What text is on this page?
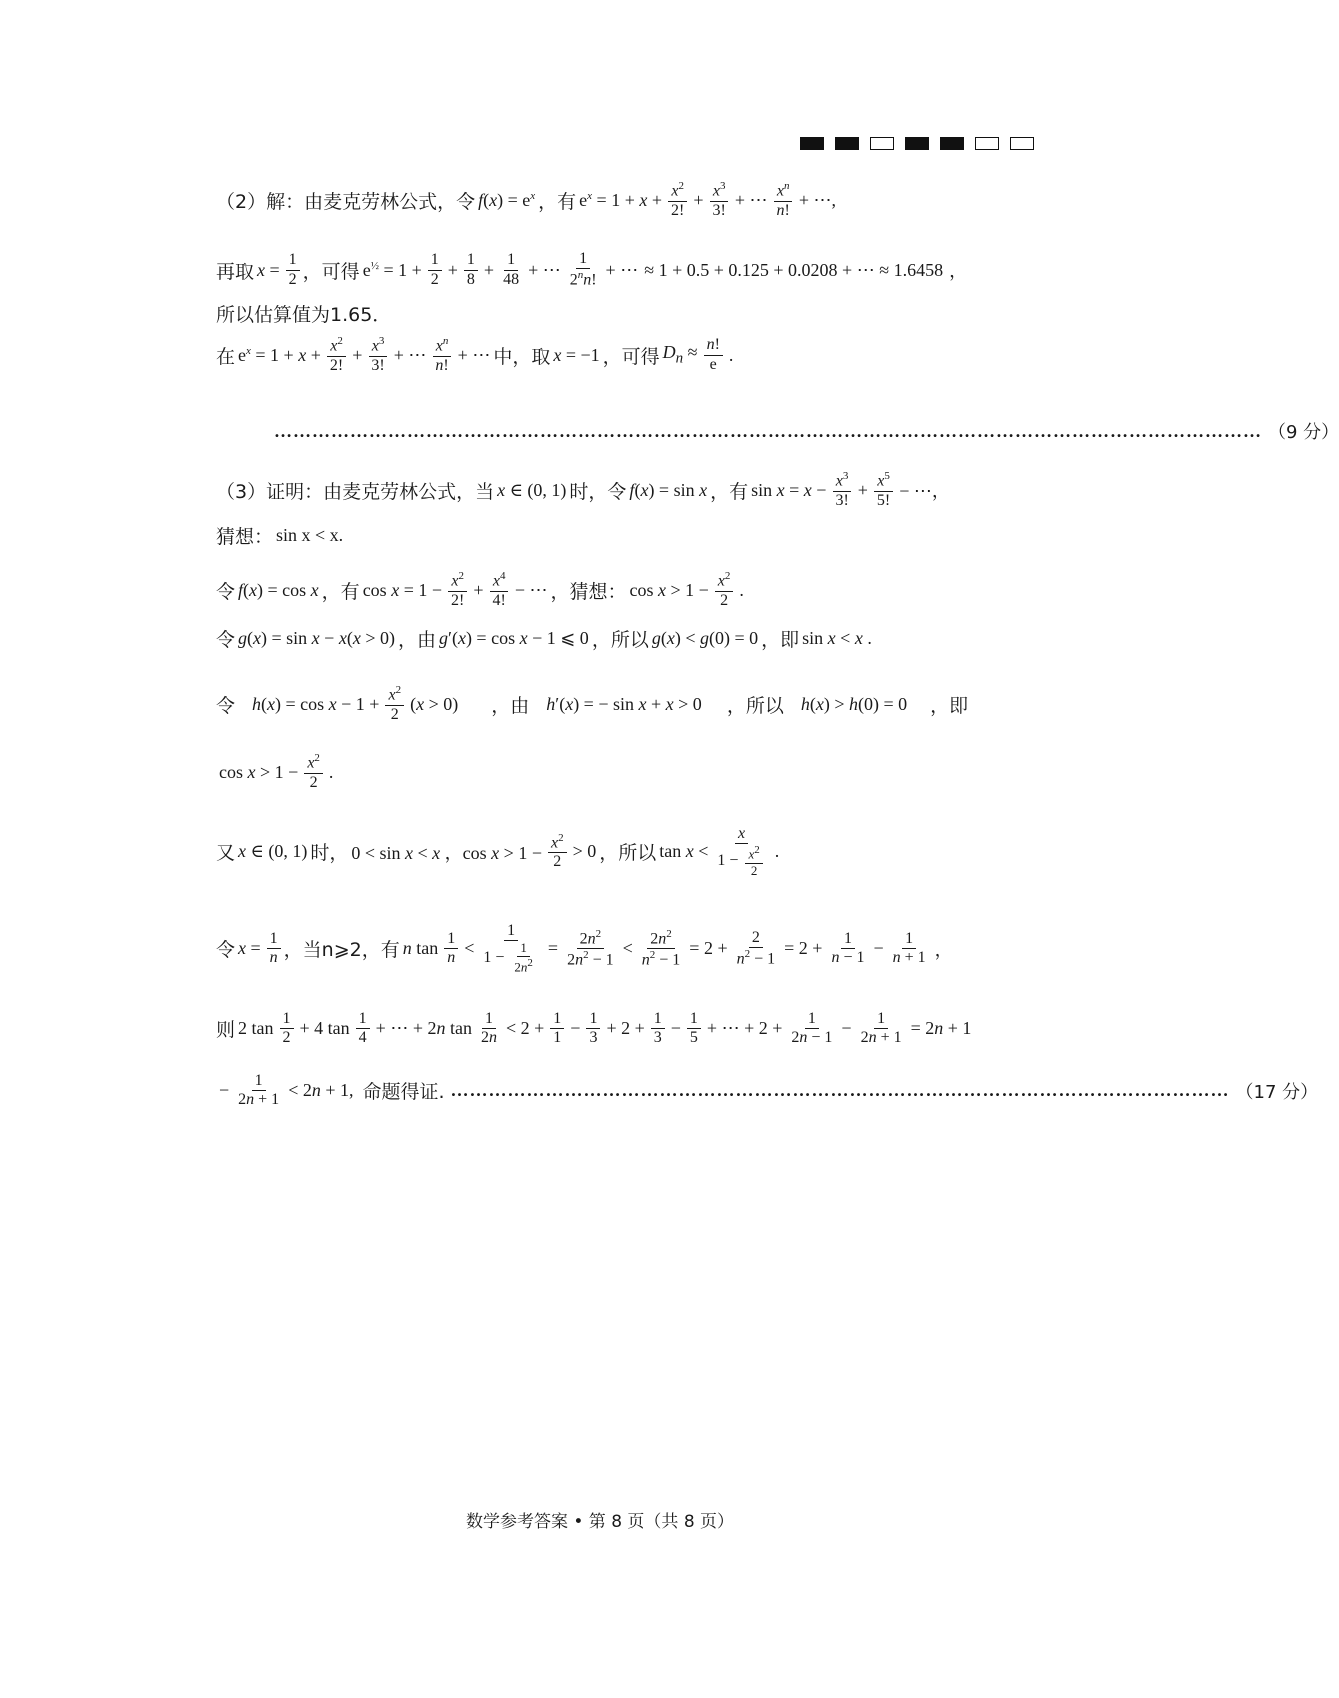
（2）解：由麦克劳林公式，令 $f(x) = e^x$ ，有 $e^x = 1 + x + \frac{x^2}{2!} + \frac{x^3}{3!}$ + ⋯ $\frac{x^n}{n!}$ + ⋯,
再取 $x = \frac{1}{2}$ ，可得 $e^{\frac{1}{2}} = 1 + \frac{1}{2} + \frac{1}{8} + \frac{1}{48}$ + ⋯ $\frac{1}{2^nn!}$ + ⋯ ≈ 1 + 0.5 + 0.125 + 0.0208 + ⋯ ≈ 1.6458 ，
所以估算值为1.65．
在 $e^x = 1 + x + \frac{x^2}{2!} + \frac{x^3}{3!}$ + ⋯ $\frac{x^n}{n!}$ + ⋯ 中，取 x = −1 ，可得 $D_n \approx \frac{n!}{e}$ .
………………………………………………………………………………………………………………………………………… （9 分）
（3）证明：由麦克劳林公式，当 x ∈ (0, 1) 时，令 f(x) = sin x ，有 $\sin x = x - \frac{x^3}{3!} + \frac{x^5}{5!}$ − ⋯，
猜想： sin x < x.
令 f(x) = cos x ，有 $\cos x = 1 - \frac{x^2}{2!} + \frac{x^4}{4!}$ − ⋯ ，猜想： $\cos x > 1 - \frac{x^2}{2}$ .
令 g(x) = sin x − x(x > 0) ，由 g′(x) = cos x − 1 ⩽ 0 ，所以 g(x) < g(0) = 0 ，即 sin x < x .
令 $h(x) = \cos x - 1 + \frac{x^2}{2} (x > 0)$ ，由 h′(x) = − sin x + x > 0 ，所以 h(x) > h(0) = 0 ，即
$\cos x > 1 - \frac{x^2}{2}$ .
又 x ∈ (0, 1) 时， 0 < sin x < x ，$\cos x > 1 - \frac{x^2}{2} > 0$ ，所以 $\tan x < \frac{x}{1 - \frac{x^2}{2}}$ .
令 $x = \frac{1}{n}$ ，当n⩾2，有 n $\tan \frac{1}{n} < \frac{1}{1 - \frac{1}{2n^2}} = \frac{2n^2}{2n^2 - 1} < \frac{2n^2}{n^2 - 1} = 2 + \frac{2}{n^2 - 1} = 2 + \frac{1}{n - 1} - \frac{1}{n + 1}$ ，
则 2 $\tan \frac{1}{2} + 4$ $\tan \frac{1}{4}$ + ⋯ + 2n $\tan \frac{1}{2n} < 2 + \frac{1}{1} - \frac{1}{3} + 2 + \frac{1}{3} - \frac{1}{5}$ + ⋯ + $2 + \frac{1}{2n - 1} - \frac{1}{2n + 1} = 2n + 1$
− $\frac{1}{2n + 1} < 2n + 1$, 命题得证. …………………………………………………………………………………………………………… （17 分）
数学参考答案 • 第 8 页（共 8 页）
